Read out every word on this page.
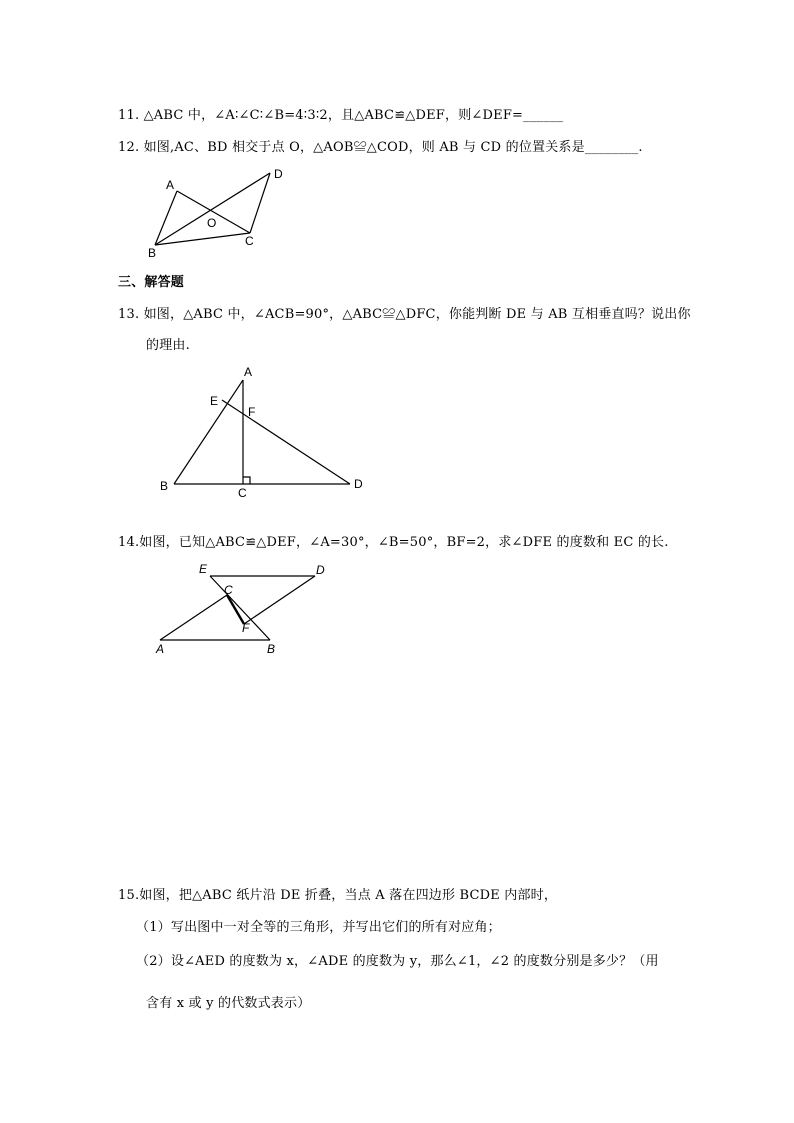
11. △ABC 中，∠A∶∠C∶∠B=4∶3∶2，且△ABC≌△DEF，则∠DEF=______
12. 如图,AC、BD 相交于点 O，△AOB≌△COD，则 AB 与 CD 的位置关系是________.
A
B
C
D
O
三、解答题
13. 如图，△ABC 中，∠ACB=90°，△ABC≌△DFC，你能判断 DE 与 AB 互相垂直吗？说出你
的理由.
A
B	C
D
E
F
14.如图，已知△ABC≌△DEF，∠A=30°，∠B=50°，BF=2，求∠DFE 的度数和 EC 的长.
A	B
C
D
E
F
15.如图，把△ABC 纸片沿 DE 折叠，当点 A 落在四边形 BCDE 内部时，
（1）写出图中一对全等的三角形，并写出它们的所有对应角；
（2）设∠AED 的度数为 x，∠ADE 的度数为 y，那么∠1，∠2 的度数分别是多少？（用
含有 x 或 y 的代数式表示）
